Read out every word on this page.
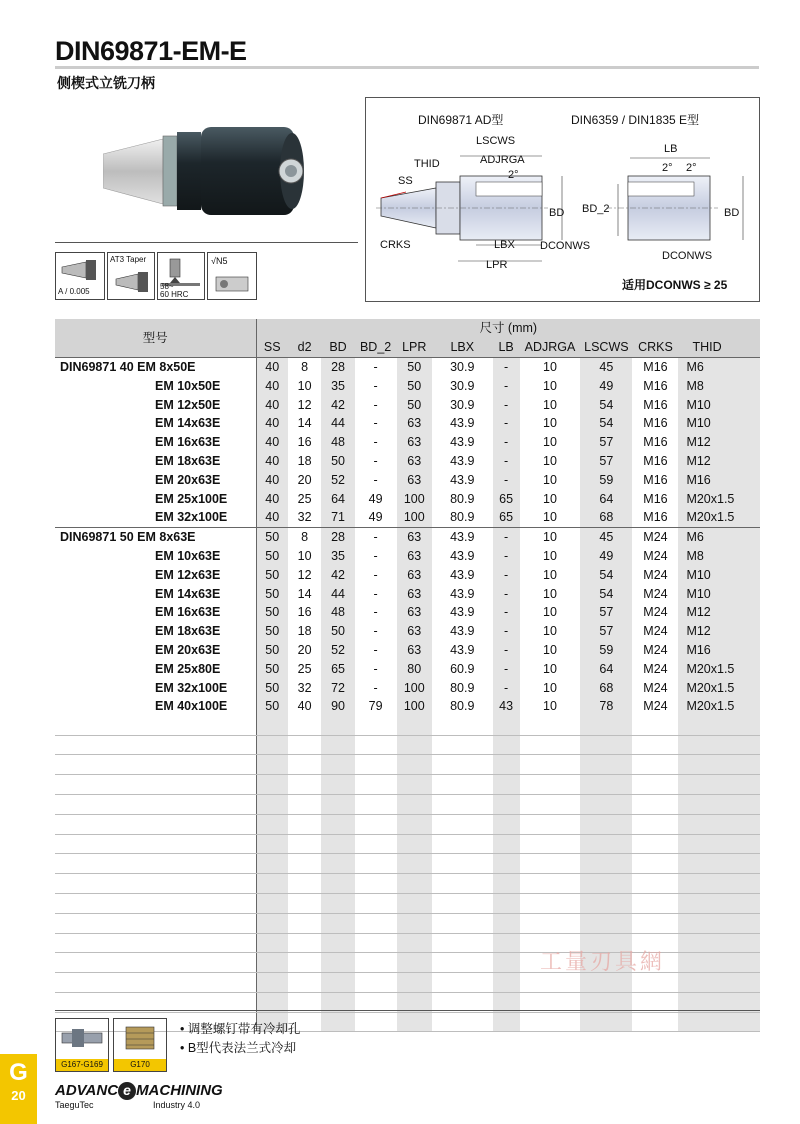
DIN69871-EM-E
侧楔式立铣刀柄
A / 0.005
AT3 Taper
58~
60 HRC
√N5
DIN69871 AD型	DIN6359 / DIN1835 E型
LSCWS
ADJRGA
THID
SS	2°
BD
CRKS	LBX DCONWS
LPR
LB
2° 2°
BD_2	BD
DCONWS
适用DCONWS ≥ 25
型号	尺寸 (mm)										
	SS	d2	BD	BD_2	LPR	LBX	LB	ADJRGA	LSCWS	CRKS	THID
DIN69871 40 EM 8x50E	40	8	28	-	50	30.9	-	10	45	M16	M6
EM 10x50E	40	10	35	-	50	30.9	-	10	49	M16	M8
EM 12x50E	40	12	42	-	50	30.9	-	10	54	M16	M10
EM 14x63E	40	14	44	-	63	43.9	-	10	54	M16	M10
EM 16x63E	40	16	48	-	63	43.9	-	10	57	M16	M12
EM 18x63E	40	18	50	-	63	43.9	-	10	57	M16	M12
EM 20x63E	40	20	52	-	63	43.9	-	10	59	M16	M16
EM 25x100E	40	25	64	49	100	80.9	65	10	64	M16	M20x1.5
EM 32x100E	40	32	71	49	100	80.9	65	10	68	M16	M20x1.5
DIN69871 50 EM 8x63E	50	8	28	-	63	43.9	-	10	45	M24	M6
EM 10x63E	50	10	35	-	63	43.9	-	10	49	M24	M8
EM 12x63E	50	12	42	-	63	43.9	-	10	54	M24	M10
EM 14x63E	50	14	44	-	63	43.9	-	10	54	M24	M10
EM 16x63E	50	16	48	-	63	43.9	-	10	57	M24	M12
EM 18x63E	50	18	50	-	63	43.9	-	10	57	M24	M12
EM 20x63E	50	20	52	-	63	43.9	-	10	59	M24	M16
EM 25x80E	50	25	65	-	80	60.9	-	10	64	M24	M20x1.5
EM 32x100E	50	32	72	-	100	80.9	-	10	68	M24	M20x1.5
EM 40x100E	50	40	90	79	100	80.9	43	10	78	M24	M20x1.5

G167-G169	G170
• 调整螺钉带有冷却孔
• B型代表法兰式冷却
工量刃具網
G
20	ADVANC e MACHINING
TaeguTec	Industry 4.0
